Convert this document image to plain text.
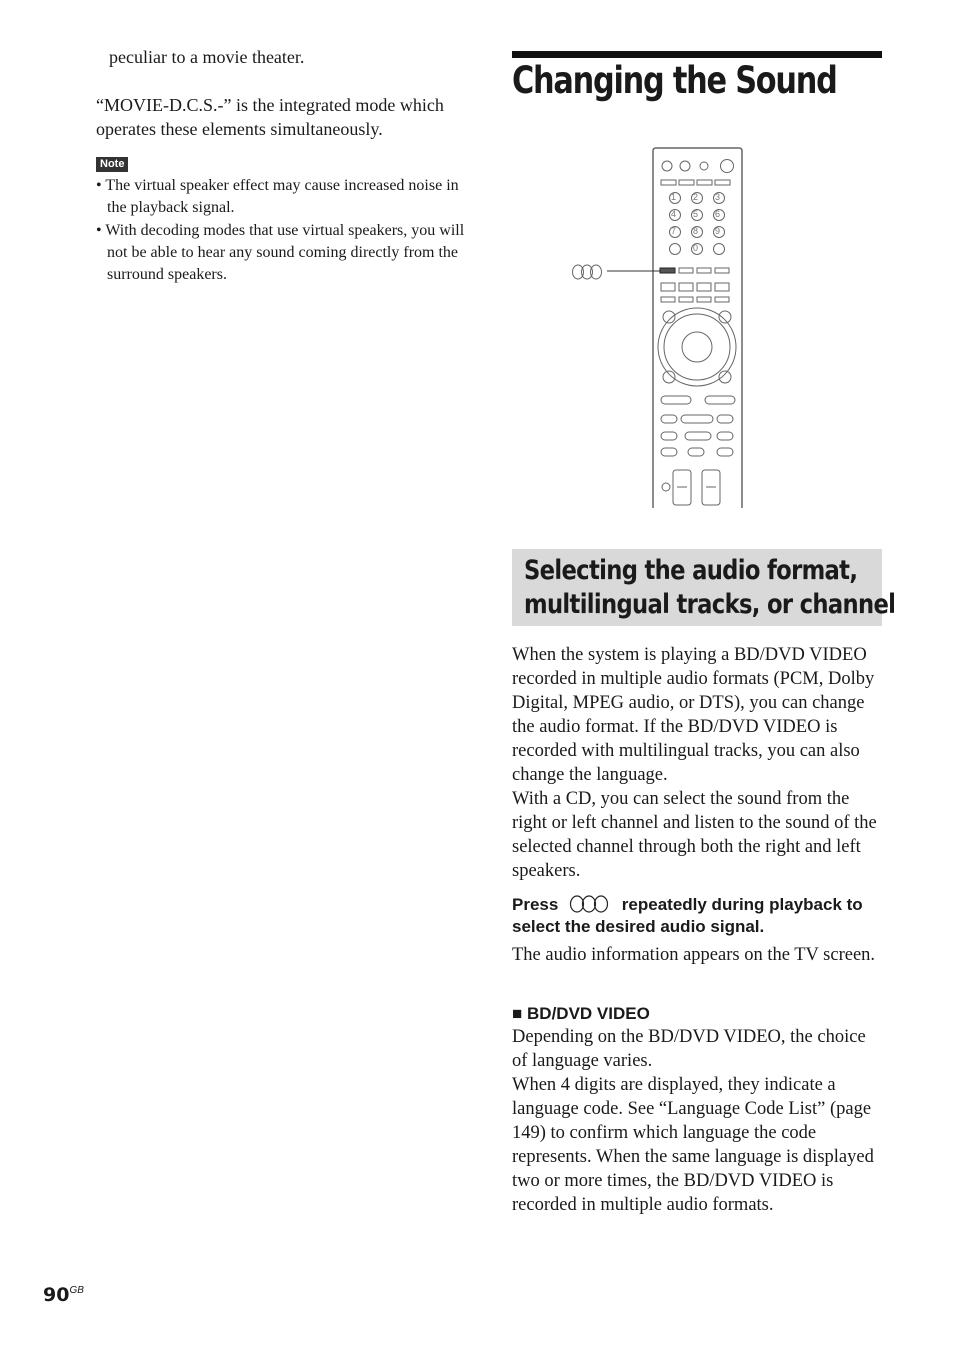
peculiar to a movie theater.

“MOVIE-D.C.S.-” is the integrated mode which operates these elements simultaneously.

Note

• The virtual speaker effect may cause increased noise in the playback signal.

• With decoding modes that use virtual speakers, you will not be able to hear any sound coming directly from the surround speakers.

Changing the Sound
1 2 3
4 5 6
7 8 9
0
Selecting the audio format,
multilingual tracks, or channel

When the system is playing a BD/DVD VIDEO recorded in multiple audio formats (PCM, Dolby Digital, MPEG audio, or DTS), you can change the audio format. If the BD/DVD VIDEO is recorded with multilingual tracks, you can also change the language.

With a CD, you can select the sound from the right or left channel and listen to the sound of the selected channel through both the right and left speakers.

Press	repeatedly during playback to select the desired audio signal.

The audio information appears on the TV screen.

■ BD/DVD VIDEO

Depending on the BD/DVD VIDEO, the choice of language varies.

When 4 digits are displayed, they indicate a language code. See “Language Code List” (page 149) to confirm which language the code represents. When the same language is displayed two or more times, the BD/DVD VIDEO is recorded in multiple audio formats.

$90^{GB}$
